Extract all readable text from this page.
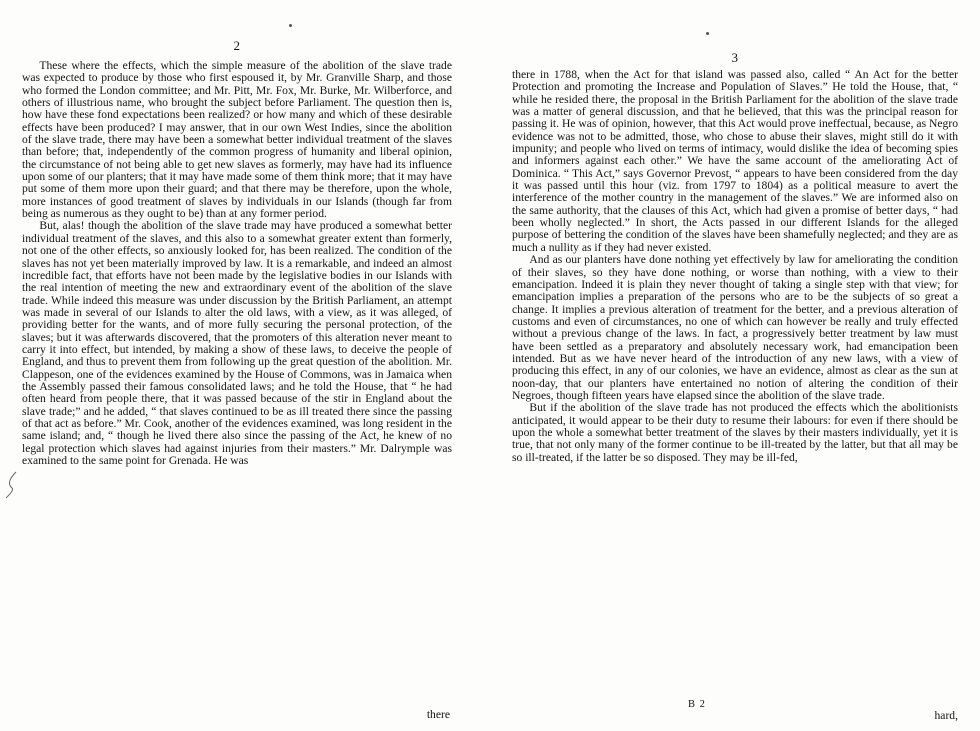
2

These where the effects, which the simple measure of the abolition of the slave trade was expected to produce by those who first espoused it, by Mr. Granville Sharp, and those who formed the London committee; and Mr. Pitt, Mr. Fox, Mr. Burke, Mr. Wilberforce, and others of illustrious name, who brought the subject before Parliament. The question then is, how have these fond expectations been realized? or how many and which of these desirable effects have been produced? I may answer, that in our own West Indies, since the abolition of the slave trade, there may have been a somewhat better individual treatment of the slaves than before; that, independently of the common progress of humanity and liberal opinion, the circumstance of not being able to get new slaves as formerly, may have had its influence upon some of our planters; that it may have made some of them think more; that it may have put some of them more upon their guard; and that there may be therefore, upon the whole, more instances of good treatment of slaves by individuals in our Islands (though far from being as numerous as they ought to be) than at any former period.

But, alas! though the abolition of the slave trade may have produced a somewhat better individual treatment of the slaves, and this also to a somewhat greater extent than formerly, not one of the other effects, so anxiously looked for, has been realized. The condition of the slaves has not yet been materially improved by law. It is a remarkable, and indeed an almost incredible fact, that efforts have not been made by the legislative bodies in our Islands with the real intention of meeting the new and extraordinary event of the abolition of the slave trade. While indeed this measure was under discussion by the British Parliament, an attempt was made in several of our Islands to alter the old laws, with a view, as it was alleged, of providing better for the wants, and of more fully securing the personal protection, of the slaves; but it was afterwards discovered, that the promoters of this alteration never meant to carry it into effect, but intended, by making a show of these laws, to deceive the people of England, and thus to prevent them from following up the great question of the abolition. Mr. Clappeson, one of the evidences examined by the House of Commons, was in Jamaica when the Assembly passed their famous consolidated laws; and he told the House, that “ he had often heard from people there, that it was passed because of the stir in England about the slave trade;” and he added, “ that slaves continued to be as ill treated there since the passing of that act as before.” Mr. Cook, another of the evidences examined, was long resident in the same island; and, “ though he lived there also since the passing of the Act, he knew of no legal protection which slaves had against injuries from their masters.” Mr. Dalrymple was examined to the same point for Grenada. He was

there
3

there in 1788, when the Act for that island was passed also, called “ An Act for the better Protection and promoting the Increase and Population of Slaves.” He told the House, that, “ while he resided there, the proposal in the British Parliament for the abolition of the slave trade was a matter of general discussion, and that he believed, that this was the principal reason for passing it. He was of opinion, however, that this Act would prove ineffectual, because, as Negro evidence was not to be admitted, those, who chose to abuse their slaves, might still do it with impunity; and people who lived on terms of intimacy, would dislike the idea of becoming spies and informers against each other.” We have the same account of the ameliorating Act of Dominica. “ This Act,” says Governor Prevost, “ appears to have been considered from the day it was passed until this hour (viz. from 1797 to 1804) as a political measure to avert the interference of the mother country in the management of the slaves.” We are informed also on the same authority, that the clauses of this Act, which had given a promise of better days, “ had been wholly neglected.” In short, the Acts passed in our different Islands for the alleged purpose of bettering the condition of the slaves have been shamefully neglected; and they are as much a nullity as if they had never existed.

And as our planters have done nothing yet effectively by law for ameliorating the condition of their slaves, so they have done nothing, or worse than nothing, with a view to their emancipation. Indeed it is plain they never thought of taking a single step with that view; for emancipation implies a preparation of the persons who are to be the subjects of so great a change. It implies a previous alteration of treatment for the better, and a previous alteration of customs and even of circumstances, no one of which can however be really and truly effected without a previous change of the laws. In fact, a progressively better treatment by law must have been settled as a preparatory and absolutely necessary work, had emancipation been intended. But as we have never heard of the introduction of any new laws, with a view of producing this effect, in any of our colonies, we have an evidence, almost as clear as the sun at noon-day, that our planters have entertained no notion of altering the condition of their Negroes, though fifteen years have elapsed since the abolition of the slave trade.

But if the abolition of the slave trade has not produced the effects which the abolitionists anticipated, it would appear to be their duty to resume their labours: for even if there should be upon the whole a somewhat better treatment of the slaves by their masters individually, yet it is true, that not only many of the former continue to be ill-treated by the latter, but that all may be so ill-treated, if the latter be so disposed. They may be ill-fed,

B 2
hard,
